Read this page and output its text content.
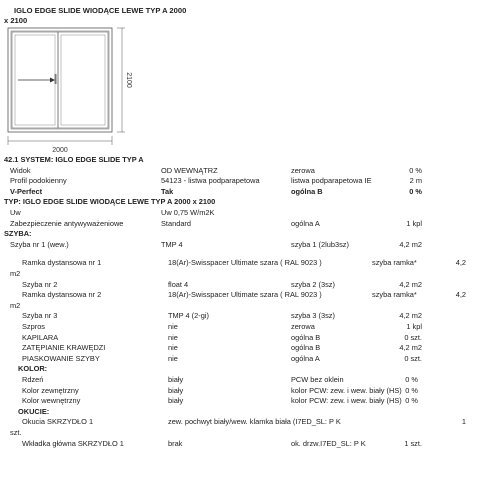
IGLO EDGE SLIDE WIODĄCE LEWE TYP A 2000
x 2100
2100
2000
42.1 SYSTEM: IGLO EDGE SLIDE TYP A
Widok	OD WEWNĄTRZ	zerowa	0 %
Profil podokienny	54123 - listwa podparapetowa	listwa podparapetowa IE	2 m
V-Perfect	Tak	ogólna B	0 %
TYP: IGLO EDGE SLIDE WIODĄCE LEWE TYP A 2000 x 2100
Uw	Uw 0,75 W/m2K
Zabezpieczenie antywyważeniowe	Standard	ogólna A	1 kpl
SZYBA:
Szyba nr 1 (wew.)	TMP 4	szyba 1 (2lub3sz)	4,2 m2
Ramka dystansowa nr 1	18(Ar)-Swisspacer Ultimate szara ( RAL 9023 )	szyba ramka*	4,2
m2
Szyba nr 2	float 4	szyba 2 (3sz)	4,2 m2
Ramka dystansowa nr 2	18(Ar)-Swisspacer Ultimate szara ( RAL 9023 )	szyba ramka*	4,2
m2
Szyba nr 3	TMP 4 (2-gi)	szyba 3 (3sz)	4,2 m2
Szpros	nie	zerowa	1 kpl
KAPILARA	nie	ogólna B	0 szt.
ZATĘPIANIE KRAWĘDZI	nie	ogólna B	4,2 m2
PIASKOWANIE SZYBY	nie	ogólna A	0 szt.
KOLOR:
Rdzeń	biały	PCW bez oklein	0 %
Kolor zewnętrzny	biały	kolor PCW: zew. i wew. biały (HS) 0 %
Kolor wewnętrzny	biały	kolor PCW: zew. i wew. biały (HS) 0 %
OKUCIE:
Okucia SKRZYDŁO 1	zew. pochwyt biały/wew. klamka biała (I7ED_SL: P K	1
szt.
Wkładka główna SKRZYDŁO 1	brak	ok. drzw.I7ED_SL: P K	1 szt.
